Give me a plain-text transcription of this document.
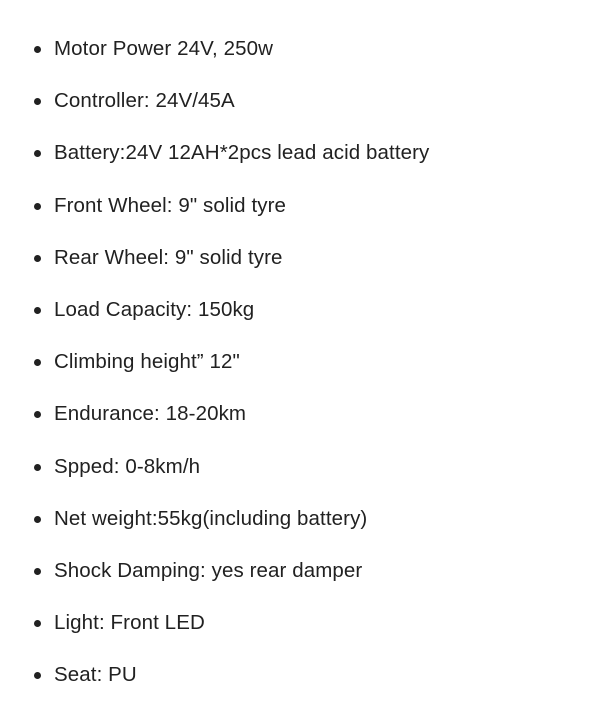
Motor Power 24V, 250w
Controller: 24V/45A
Battery:24V 12AH*2pcs lead acid battery
Front Wheel: 9" solid tyre
Rear Wheel: 9" solid tyre
Load Capacity: 150kg
Climbing height” 12"
Endurance: 18-20km
Spped: 0-8km/h
Net weight:55kg(including battery)
Shock Damping: yes rear damper
Light: Front LED
Seat: PU
